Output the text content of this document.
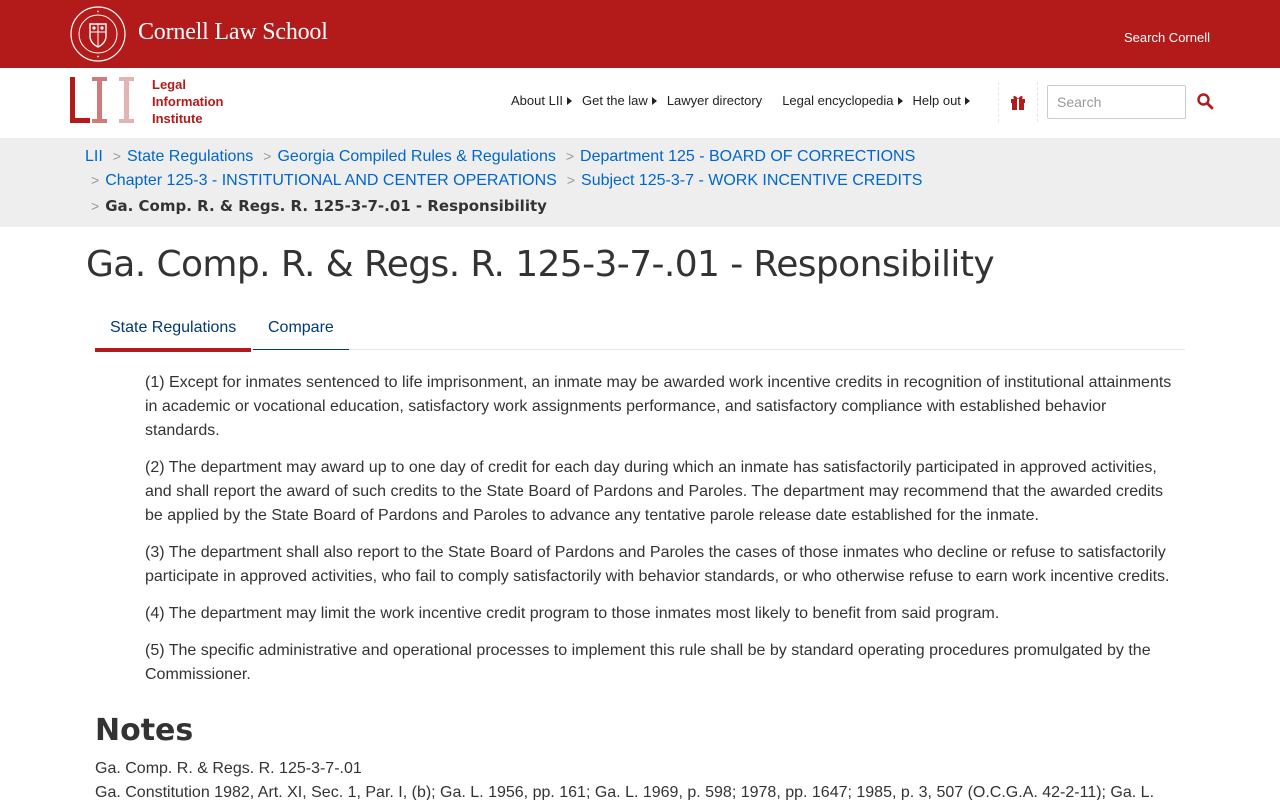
Cornell Law School	Search Cornell
Legal
Information
Institute
About LII Get the law Lawyer directory Legal encyclopedia Help out
Search
LII > State Regulations > Georgia Compiled Rules & Regulations > Department 125 - BOARD OF CORRECTIONS
> Chapter 125-3 - INSTITUTIONAL AND CENTER OPERATIONS > Subject 125-3-7 - WORK INCENTIVE CREDITS
> Ga. Comp. R. & Regs. R. 125-3-7-.01 - Responsibility
Ga. Comp. R. & Regs. R. 125-3-7-.01 - Responsibility
State Regulations	Compare

(1) Except for inmates sentenced to life imprisonment, an inmate may be awarded work incentive credits in recognition of institutional attainments in academic or vocational education, satisfactory work assignments performance, and satisfactory compliance with established behavior standards.

(2) The department may award up to one day of credit for each day during which an inmate has satisfactorily participated in approved activities, and shall report the award of such credits to the State Board of Pardons and Paroles. The department may recommend that the awarded credits be applied by the State Board of Pardons and Paroles to advance any tentative parole release date established for the inmate.

(3) The department shall also report to the State Board of Pardons and Paroles the cases of those inmates who decline or refuse to satisfactorily participate in approved activities, who fail to comply satisfactorily with behavior standards, or who otherwise refuse to earn work incentive credits.

(4) The department may limit the work incentive credit program to those inmates most likely to benefit from said program.

(5) The specific administrative and operational processes to implement this rule shall be by standard operating procedures promulgated by the Commissioner.

Notes
Ga. Comp. R. & Regs. R. 125-3-7-.01
Ga. Constitution 1982, Art. XI, Sec. 1, Par. I, (b); Ga. L. 1956, pp. 161; Ga. L. 1969, p. 598; 1978, pp. 1647; 1985, p. 3, 507 (O.C.G.A. 42-2-11); Ga. L.
